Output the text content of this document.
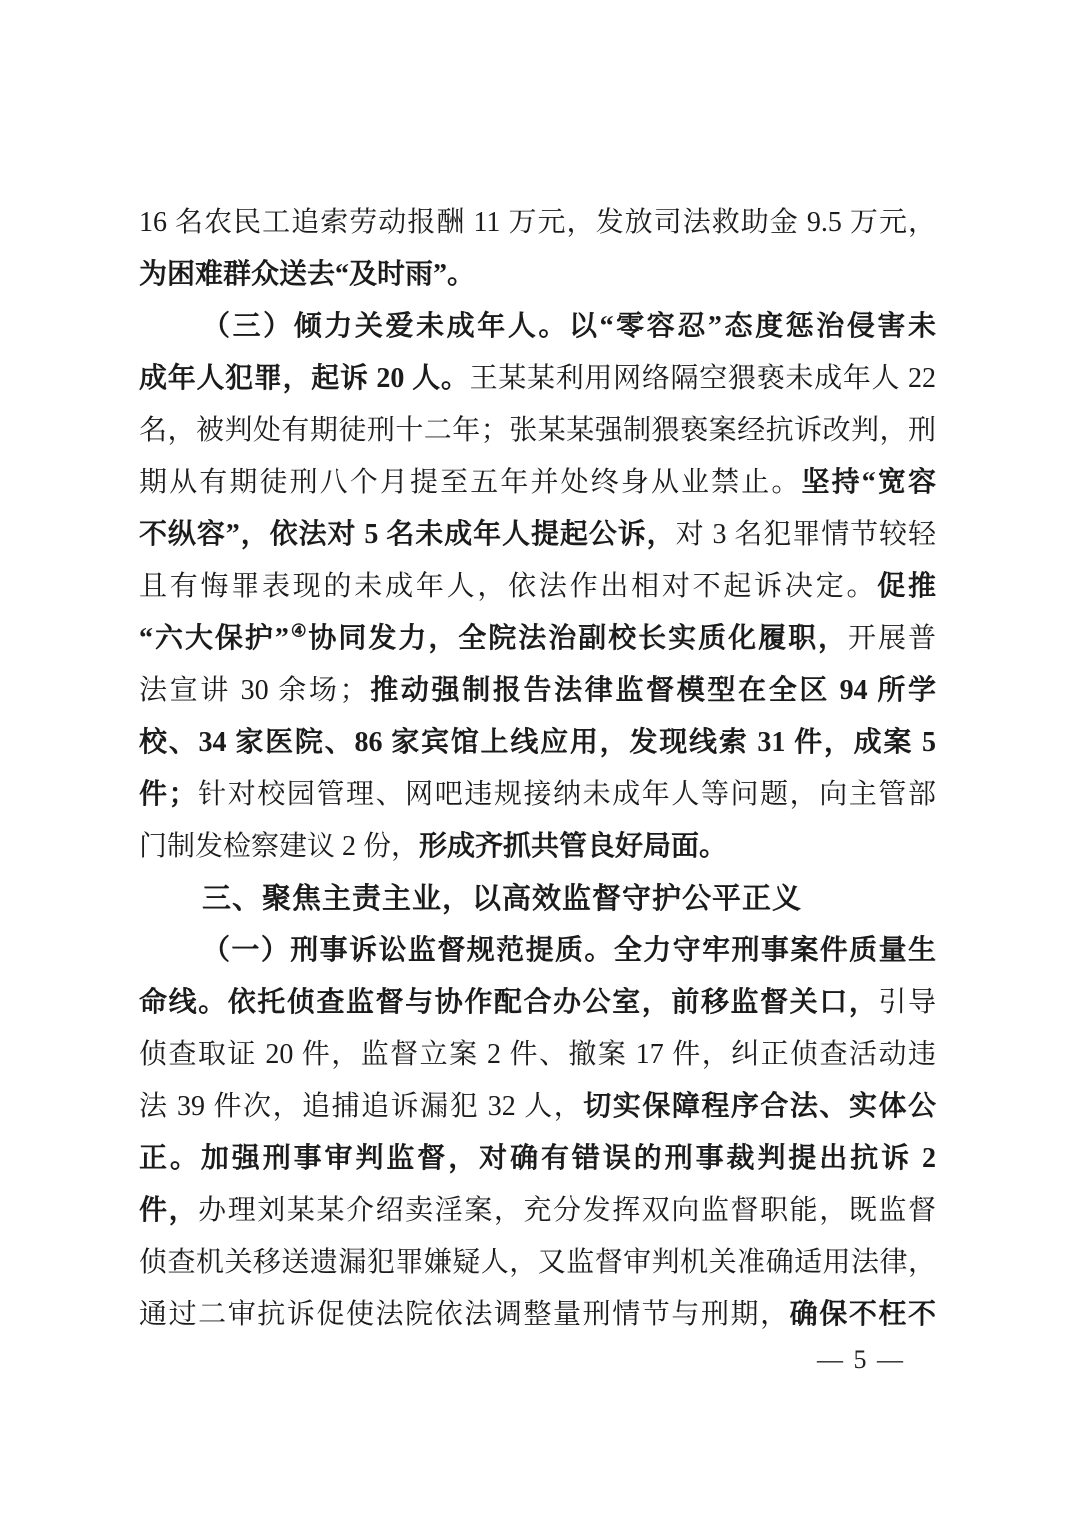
16 名农民工追索劳动报酬 11 万元，发放司法救助金 9.5 万元，
为困难群众送去“及时雨”。
（三）倾力关爱未成年人。以“零容忍”态度惩治侵害未
成年人犯罪，起诉 20 人。王某某利用网络隔空猥亵未成年人 22
名，被判处有期徒刑十二年；张某某强制猥亵案经抗诉改判，刑
期从有期徒刑八个月提至五年并处终身从业禁止。坚持“宽容
不纵容”，依法对 5 名未成年人提起公诉，对 3 名犯罪情节较轻
且有悔罪表现的未成年人，依法作出相对不起诉决定。促推
“六大保护”④协同发力，全院法治副校长实质化履职，开展普
法宣讲 30 余场；推动强制报告法律监督模型在全区 94 所学
校、34 家医院、86 家宾馆上线应用，发现线索 31 件，成案 5
件；针对校园管理、网吧违规接纳未成年人等问题，向主管部
门制发检察建议 2 份，形成齐抓共管良好局面。
三、聚焦主责主业，以高效监督守护公平正义
（一）刑事诉讼监督规范提质。全力守牢刑事案件质量生
命线。依托侦查监督与协作配合办公室，前移监督关口，引导
侦查取证 20 件，监督立案 2 件、撤案 17 件，纠正侦查活动违
法 39 件次，追捕追诉漏犯 32 人，切实保障程序合法、实体公
正。加强刑事审判监督，对确有错误的刑事裁判提出抗诉 2
件，办理刘某某介绍卖淫案，充分发挥双向监督职能，既监督
侦查机关移送遗漏犯罪嫌疑人，又监督审判机关准确适用法律，
通过二审抗诉促使法院依法调整量刑情节与刑期，确保不枉不
— 5 —
